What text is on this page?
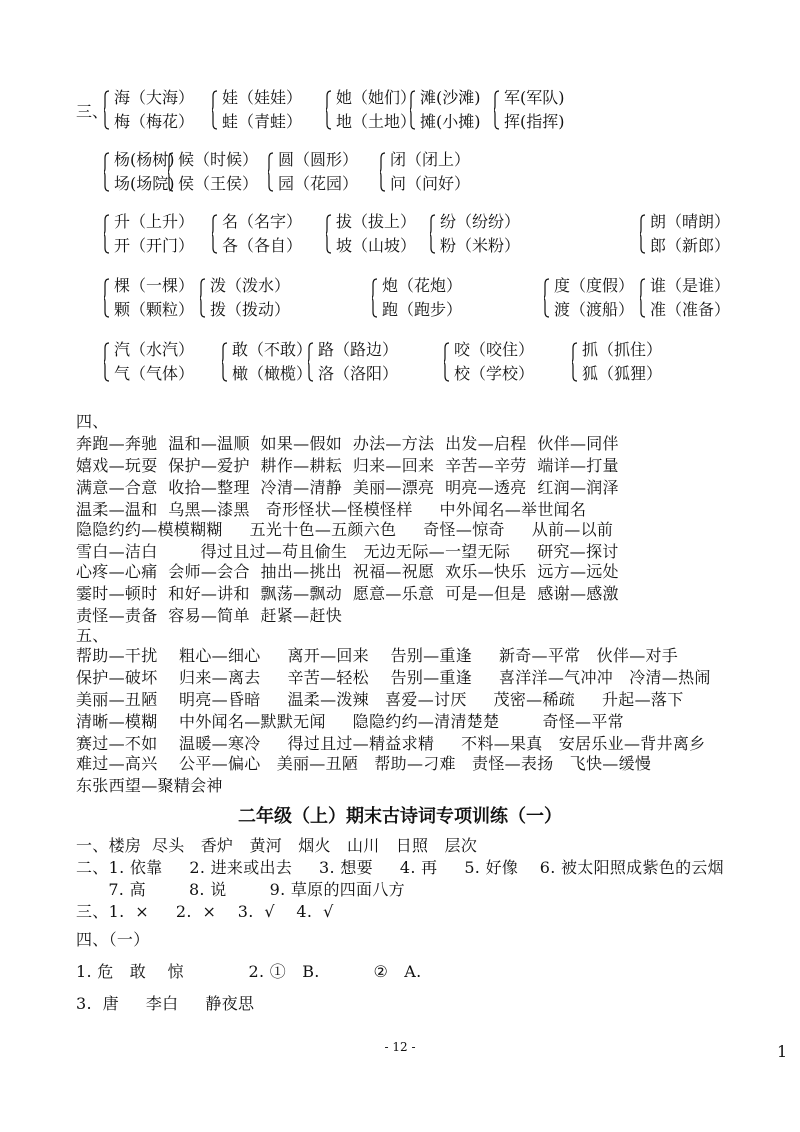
三、
海（大海）
梅（梅花）
娃（娃娃）
蛙（青蛙）
她（她们）
地（土地）
滩(沙滩)
摊(小摊)
军(军队)
挥(指挥)
杨(杨树)
场(场院)
候（时候）
侯（王侯）
圆（圆形）
园（花园）
闭（闭上）
问（问好）
升（上升）
开（开门）
名（名字）
各（各自）
拔（拔上）
坡（山坡）
纷（纷纷）
粉（米粉）
朗（晴朗）
郎（新郎）
棵（一棵）
颗（颗粒）
泼（泼水）
拨（拨动）
炮（花炮）
跑（跑步）
度（度假）
渡（渡船）
谁（是谁）
准（准备）
汽（水汽）
气（气体）
敢（不敢）
橄（橄榄）
路（路边）
洛（洛阳）
咬（咬住）
校（学校）
抓（抓住）
狐（狐狸）
四、
奔跑—奔驰  温和—温顺  如果—假如  办法—方法  出发—启程  伙伴—同伴
嬉戏—玩耍  保护—爱护  耕作—耕耘  归来—回来  辛苦—辛劳  端详—打量
满意—合意  收拾—整理  冷清—清静  美丽—漂亮  明亮—透亮  红润—润泽
温柔—温和  乌黑—漆黑   奇形怪状—怪模怪样     中外闻名—举世闻名
隐隐约约—模模糊糊     五光十色—五颜六色     奇怪—惊奇     从前—以前
雪白—洁白        得过且过—苟且偷生   无边无际—一望无际     研究—探讨
心疼—心痛  会师—会合  抽出—挑出  祝福—祝愿  欢乐—快乐  远方—远处
霎时—顿时  和好—讲和  飘荡—飘动  愿意—乐意  可是—但是  感谢—感激
责怪—责备  容易—简单  赶紧—赶快
五、
帮助—干扰    粗心—细心     离开—回来    告别—重逢     新奇—平常   伙伴—对手
保护—破坏    归来—离去     辛苦—轻松    告别—重逢     喜洋洋—气冲冲   冷清—热闹
美丽—丑陋    明亮—昏暗     温柔—泼辣   喜爱—讨厌     茂密—稀疏     升起—落下
清晰—模糊    中外闻名—默默无闻     隐隐约约—清清楚楚        奇怪—平常
赛过—不如    温暖—寒冷     得过且过—精益求精     不料—果真   安居乐业—背井离乡
难过—高兴    公平—偏心   美丽—丑陋   帮助—刁难   责怪—表扬   飞快—缓慢
东张西望—聚精会神
二年级（上）期末古诗词专项训练（一）
一、楼房  尽头   香炉   黄河   烟火   山川   日照   层次
二、1. 依靠     2. 进来或出去     3. 想要     4. 再     5. 好像    6. 被太阳照成紫色的云烟
7. 高        8. 说        9. 草原的四面八方
三、1.  ×     2.  ×    3.  √    4.  √
四、（一）
1. 危   敢    惊            2. ①   B.          ②   A.
3.  唐     李白     静夜思
- 12 -	1
